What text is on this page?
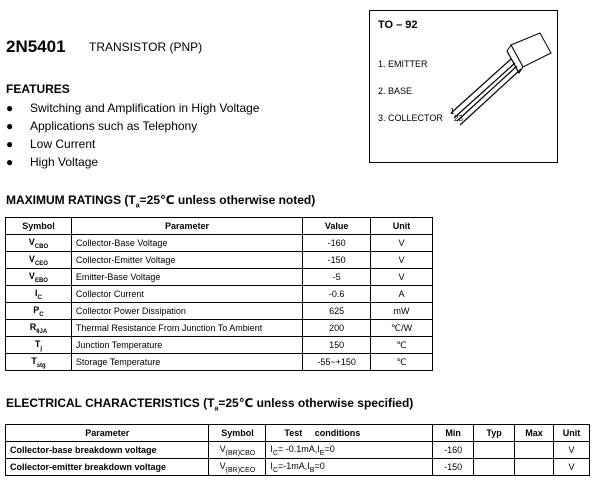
2N5401 TRANSISTOR (PNP)
TO – 92
1. EMITTER
2. BASE
3. COLLECTOR
1
23
FEATURES
● Switching and Amplification in High Voltage
● Applications such as Telephony
● Low Current
● High Voltage
MAXIMUM RATINGS ($T_a=25℃$ unless otherwise noted)
Symbol	Parameter	Value	Unit
$V_{CBO}$	Collector-Base Voltage	-160	V
$V_{CEO}$	Collector-Emitter Voltage	-150	V
$V_{EBO}$	Emitter-Base Voltage	-5	V
$I_C$	Collector Current	-0.6	A
$P_C$	Collector Power Dissipation	625	mW
$R_{\theta JA}$	Thermal Resistance From Junction To Ambient	200	℃/W
$T_j$	Junction Temperature	150	℃
$T_{stg}$	Storage Temperature	-55~+150	℃
ELECTRICAL CHARACTERISTICS ($T_a=25℃$ unless otherwise specified)
Parameter	Symbol	Test     conditions	Min	Typ	Max	Unit
Collector-base breakdown voltage	$V_{(BR)CBO}$	$I_C= -0.1mA,I_E=0$	-160			V
Collector-emitter breakdown voltage	$V_{(BR)CEO}$	$I_C=-1mA,I_B=0$	-150			V
